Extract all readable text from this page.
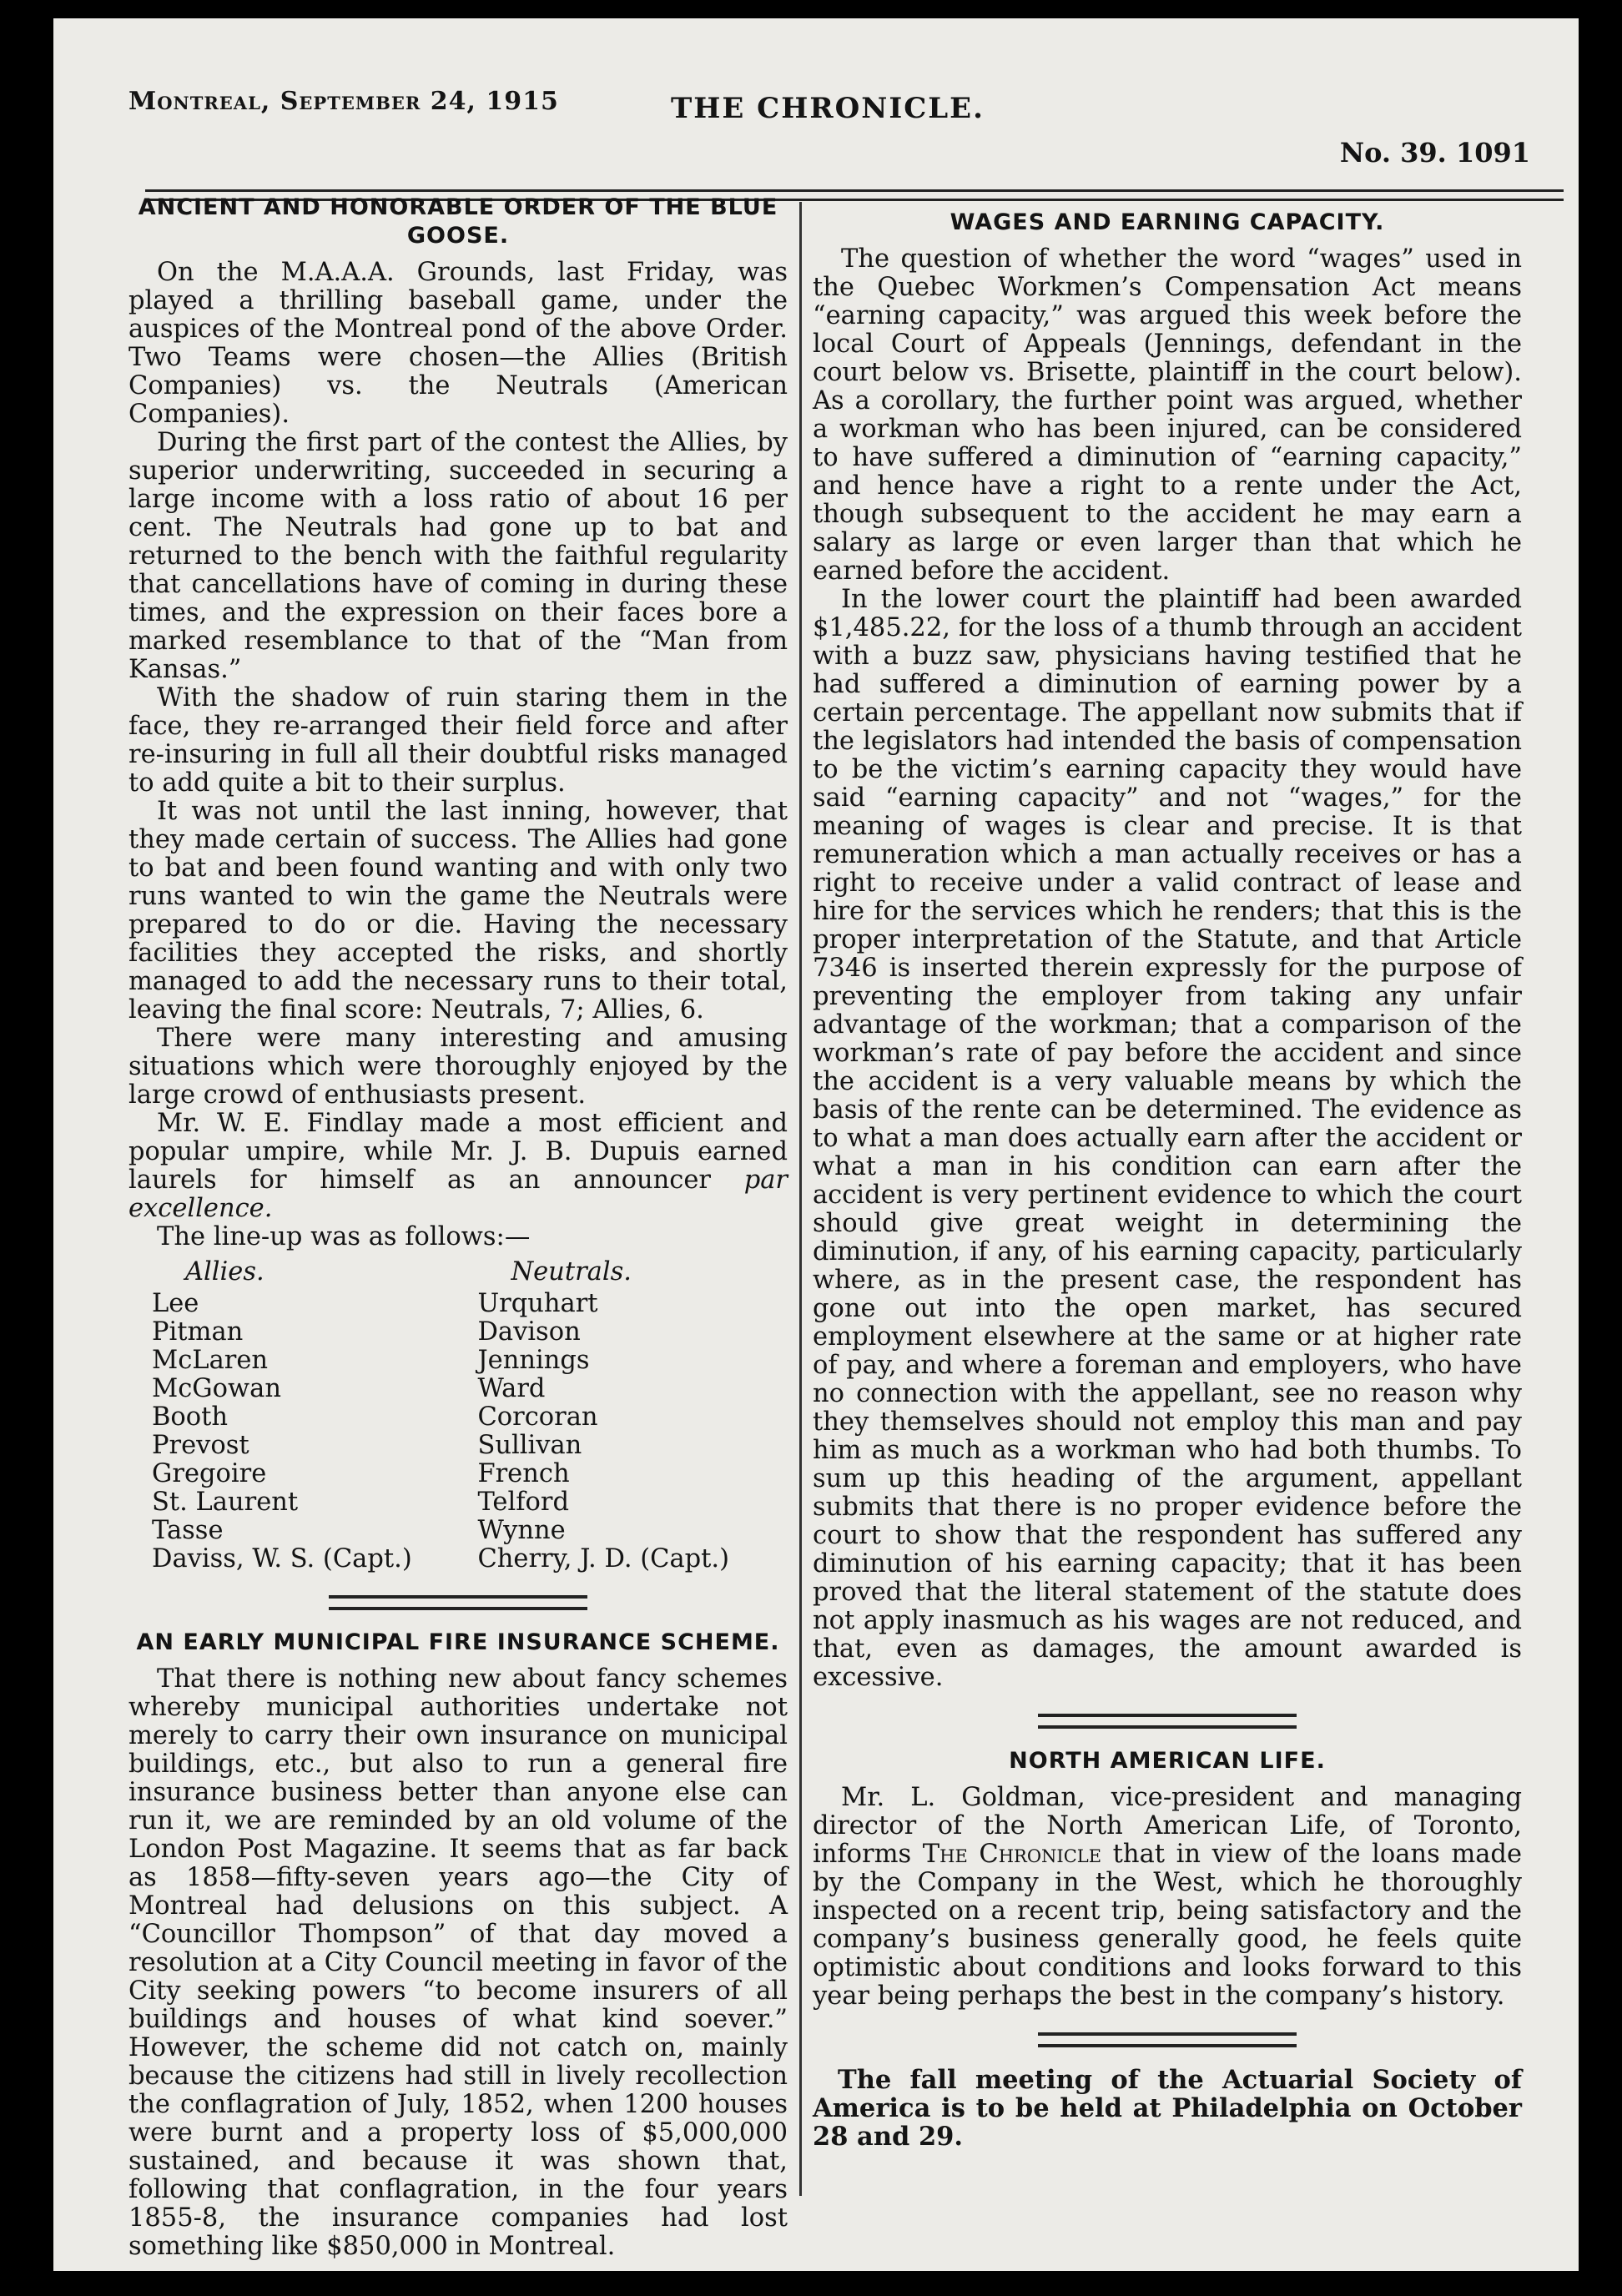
Montreal, September 24, 1915	THE CHRONICLE.
No. 39. 1091
ANCIENT AND HONORABLE ORDER OF THE BLUE GOOSE.

On the M.A.A.A. Grounds, last Friday, was played a thrilling baseball game, under the auspices of the Montreal pond of the above Order. Two Teams were chosen—the Allies (British Companies) vs. the Neutrals (American Companies).

During the first part of the contest the Allies, by superior underwriting, succeeded in securing a large income with a loss ratio of about 16 per cent. The Neutrals had gone up to bat and returned to the bench with the faithful regularity that cancellations have of coming in during these times, and the expression on their faces bore a marked resemblance to that of the “Man from Kansas.”

With the shadow of ruin staring them in the face, they re-arranged their field force and after re-insuring in full all their doubtful risks managed to add quite a bit to their surplus.

It was not until the last inning, however, that they made certain of success. The Allies had gone to bat and been found wanting and with only two runs wanted to win the game the Neutrals were prepared to do or die. Having the necessary facilities they accepted the risks, and shortly managed to add the necessary runs to their total, leaving the final score: Neutrals, 7; Allies, 6.

There were many interesting and amusing situations which were thoroughly enjoyed by the large crowd of enthusiasts present.

Mr. W. E. Findlay made a most efficient and popular umpire, while Mr. J. B. Dupuis earned laurels for himself as an announcer par excellence.

The line-up was as follows:—

Allies.
Lee
Pitman
McLaren
McGowan
Booth
Prevost
Gregoire
St. Laurent
Tasse
Daviss, W. S. (Capt.)
Neutrals.
Urquhart
Davison
Jennings
Ward
Corcoran
Sullivan
French
Telford
Wynne
Cherry, J. D. (Capt.)
AN EARLY MUNICIPAL FIRE INSURANCE SCHEME.

That there is nothing new about fancy schemes whereby municipal authorities undertake not merely to carry their own insurance on municipal buildings, etc., but also to run a general fire insurance business better than anyone else can run it, we are reminded by an old volume of the London Post Magazine. It seems that as far back as 1858—fifty-seven years ago—the City of Montreal had delusions on this subject. A “Councillor Thompson” of that day moved a resolution at a City Council meeting in favor of the City seeking powers “to become insurers of all buildings and houses of what kind soever.” However, the scheme did not catch on, mainly because the citizens had still in lively recollection the conflagration of July, 1852, when 1200 houses were burnt and a property loss of $5,000,000 sustained, and because it was shown that, following that conflagration, in the four years 1855-8, the insurance companies had lost something like $850,000 in Montreal.

WAGES AND EARNING CAPACITY.

The question of whether the word “wages” used in the Quebec Workmen’s Compensation Act means “earning capacity,” was argued this week before the local Court of Appeals (Jennings, defendant in the court below vs. Brisette, plaintiff in the court below). As a corollary, the further point was argued, whether a workman who has been injured, can be considered to have suffered a diminution of “earning capacity,” and hence have a right to a rente under the Act, though subsequent to the accident he may earn a salary as large or even larger than that which he earned before the accident.

In the lower court the plaintiff had been awarded $1,485.22, for the loss of a thumb through an accident with a buzz saw, physicians having testified that he had suffered a diminution of earning power by a certain percentage. The appellant now submits that if the legislators had intended the basis of compensation to be the victim’s earning capacity they would have said “earning capacity” and not “wages,” for the meaning of wages is clear and precise. It is that remuneration which a man actually receives or has a right to receive under a valid contract of lease and hire for the services which he renders; that this is the proper interpretation of the Statute, and that Article 7346 is inserted therein expressly for the purpose of preventing the employer from taking any unfair advantage of the workman; that a comparison of the workman’s rate of pay before the accident and since the accident is a very valuable means by which the basis of the rente can be determined. The evidence as to what a man does actually earn after the accident or what a man in his condition can earn after the accident is very pertinent evidence to which the court should give great weight in determining the diminution, if any, of his earning capacity, particularly where, as in the present case, the respondent has gone out into the open market, has secured employment elsewhere at the same or at higher rate of pay, and where a foreman and employers, who have no connection with the appellant, see no reason why they themselves should not employ this man and pay him as much as a workman who had both thumbs. To sum up this heading of the argument, appellant submits that there is no proper evidence before the court to show that the respondent has suffered any diminution of his earning capacity; that it has been proved that the literal statement of the statute does not apply inasmuch as his wages are not reduced, and that, even as damages, the amount awarded is excessive.

NORTH AMERICAN LIFE.

Mr. L. Goldman, vice-president and managing director of the North American Life, of Toronto, informs The Chronicle that in view of the loans made by the Company in the West, which he thoroughly inspected on a recent trip, being satisfactory and the company’s business generally good, he feels quite optimistic about conditions and looks forward to this year being perhaps the best in the company’s history.

The fall meeting of the Actuarial Society of America is to be held at Philadelphia on October 28 and 29.
